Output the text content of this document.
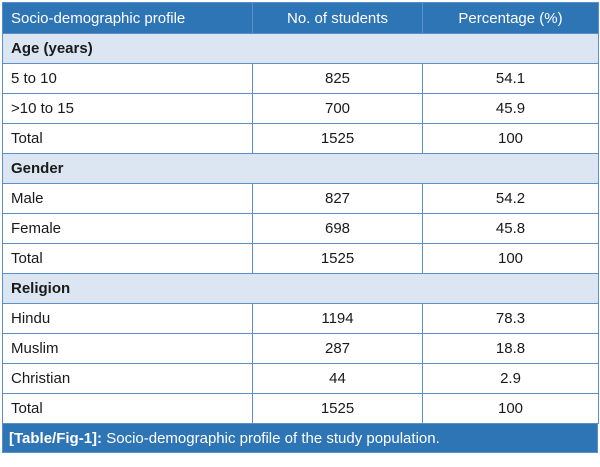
Socio-demographic profile	No. of students	Percentage (%)
Age (years)		
5 to 10	825	54.1
>10 to 15	700	45.9
Total	1525	100
Gender		
Male	827	54.2
Female	698	45.8
Total	1525	100
Religion		
Hindu	1194	78.3
Muslim	287	18.8
Christian	44	2.9
Total	1525	100
[Table/Fig-1]: Socio-demographic profile of the study population.
